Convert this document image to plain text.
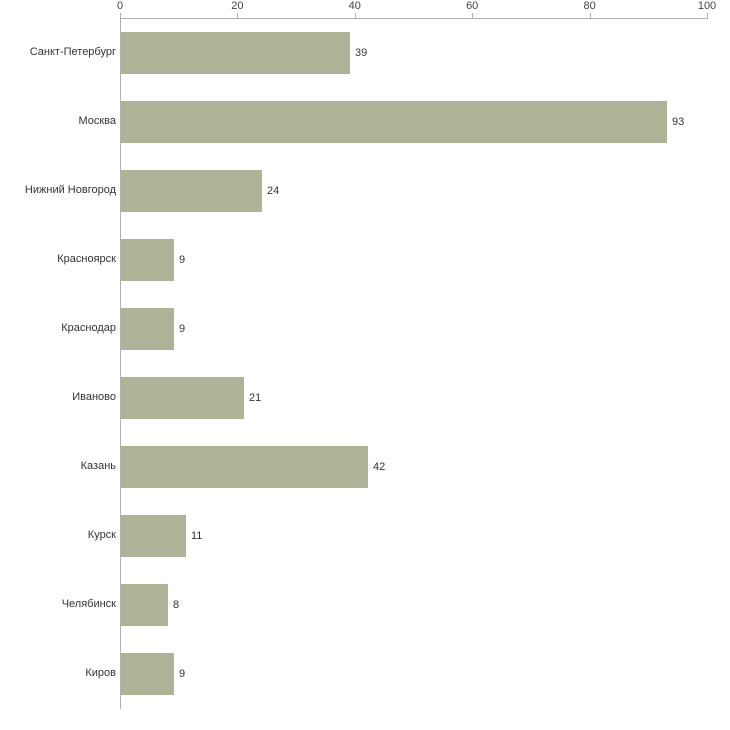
0	20	40	60	80	100
Санкт-Петербург	39
Москва	93
Нижний Новгород	24
Красноярск	9
Краснодар	9
Иваново	21
Казань	42
Курск	11
Челябинск	8
Киров	9
